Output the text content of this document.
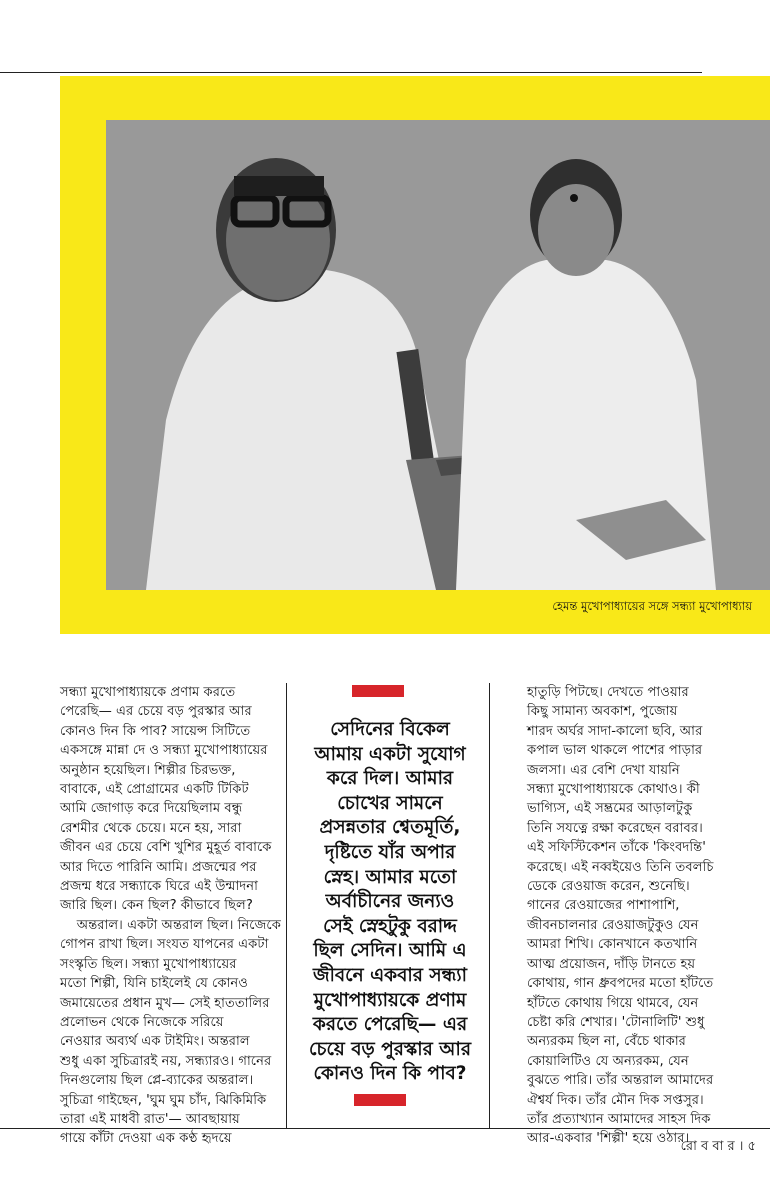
হেমন্ত মুখোপাধ্যায়ের সঙ্গে সন্ধ্যা মুখোপাধ্যায়

সন্ধ্যা মুখোপাধ্যায়কে প্রণাম করতে

পেরেছি— এর চেয়ে বড় পুরস্কার আর

কোনও দিন কি পাব? সায়েন্স সিটিতে

একসঙ্গে মান্না দে ও সন্ধ্যা মুখোপাধ্যায়ের

অনুষ্ঠান হয়েছিল। শিল্পীর চিরভক্ত,

বাবাকে, এই প্রোগ্রামের একটি টিকিট

আমি জোগাড় করে দিয়েছিলাম বন্ধু

রেশমীর থেকে চেয়ে। মনে হয়, সারা

জীবন এর চেয়ে বেশি খুশির মুহূর্ত বাবাকে

আর দিতে পারিনি আমি। প্রজন্মের পর

প্রজন্ম ধরে সন্ধ্যাকে ঘিরে এই উন্মাদনা

জারি ছিল। কেন ছিল? কীভাবে ছিল?

অন্তরাল। একটা অন্তরাল ছিল। নিজেকে

গোপন রাখা ছিল। সংযত যাপনের একটা

সংস্কৃতি ছিল। সন্ধ্যা মুখোপাধ্যায়ের

মতো শিল্পী, যিনি চাইলেই যে কোনও

জমায়েতের প্রধান মুখ— সেই হাততালির

প্রলোভন থেকে নিজেকে সরিয়ে

নেওয়ার অব্যর্থ এক টাইমিং। অন্তরাল

শুধু একা সুচিত্রারই নয়, সন্ধ্যারও। গানের

দিনগুলোয় ছিল প্লে-ব্যাকের অন্তরাল।

সুচিত্রা গাইছেন, 'ঘুম ঘুম চাঁদ, ঝিকিমিকি

তারা এই মাধবী রাত'— আবছায়ায়

গায়ে কাঁটা দেওয়া এক কণ্ঠ হৃদয়ে

সেদিনের বিকেল

আমায় একটা সুযোগ

করে দিল। আমার

চোখের সামনে

প্রসন্নতার শ্বেতমূর্তি,

দৃষ্টিতে যাঁর অপার

স্নেহ। আমার মতো

অর্বাচীনের জন্যও

সেই স্নেহটুকু বরাদ্দ

ছিল সেদিন। আমি এ

জীবনে একবার সন্ধ্যা

মুখোপাধ্যায়কে প্রণাম

করতে পেরেছি— এর

চেয়ে বড় পুরস্কার আর

কোনও দিন কি পাব?

হাতুড়ি পিটছে। দেখতে পাওয়ার

কিছু সামান্য অবকাশ, পুজোয়

শারদ অর্ঘর সাদা-কালো ছবি, আর

কপাল ভাল থাকলে পাশের পাড়ার

জলসা। এর বেশি দেখা যায়নি

সন্ধ্যা মুখোপাধ্যায়কে কোথাও। কী

ভাগ্যিস, এই সম্ভ্রমের আড়ালটুকু

তিনি সযত্নে রক্ষা করেছেন বরাবর।

এই সফিস্টিকেশন তাঁকে 'কিংবদন্তি'

করেছে। এই নব্বইয়েও তিনি তবলচি

ডেকে রেওয়াজ করেন, শুনেছি।

গানের রেওয়াজের পাশাপাশি,

জীবনচালনার রেওয়াজটুকুও যেন

আমরা শিখি। কোনখানে কতখানি

আত্ম প্রয়োজন, দাঁড়ি টানতে হয়

কোথায়, গান ধ্রুবপদের মতো হাঁটতে

হাঁটতে কোথায় গিয়ে থামবে, যেন

চেষ্টা করি শেখার। 'টোনালিটি' শুধু

অন্যরকম ছিল না, বেঁচে থাকার

কোয়ালিটিও যে অন্যরকম, যেন

বুঝতে পারি। তাঁর অন্তরাল আমাদের

ঐশ্বর্য দিক। তাঁর মৌন দিক সপ্তসুর।

তাঁর প্রত্যাখ্যান আমাদের সাহস দিক

আর-একবার 'শিল্পী' হয়ে ওঠার।

রো ব বা র । ৫
